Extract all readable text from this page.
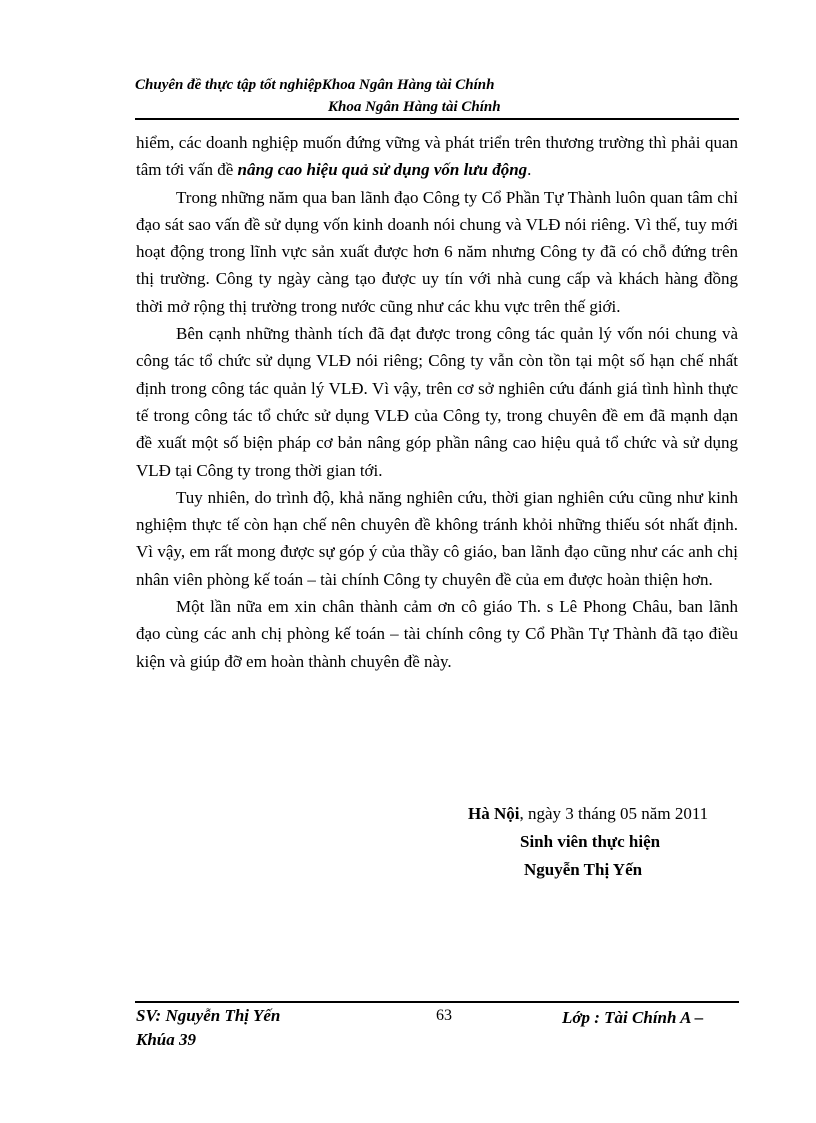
Chuyên đề thực tập tốt nghiệpKhoa Ngân Hàng tài Chính
Khoa Ngân Hàng tài Chính

hiểm, các doanh nghiệp muốn đứng vững và phát triển trên thương trường thì phải quan tâm tới vấn đề nâng cao hiệu quả sử dụng vốn lưu động.

Trong những năm qua ban lãnh đạo Công ty Cổ Phần Tự Thành luôn quan tâm chỉ đạo sát sao vấn đề sử dụng vốn kinh doanh nói chung và VLĐ nói riêng. Vì thế, tuy mới hoạt động trong lĩnh vực sản xuất được hơn 6 năm nhưng Công ty đã có chỗ đứng trên thị trường. Công ty ngày càng tạo được uy tín với nhà cung cấp và khách hàng đồng thời mở rộng thị trường trong nước cũng như các khu vực trên thế giới.

Bên cạnh những thành tích đã đạt được trong công tác quản lý vốn nói chung và công tác tổ chức sử dụng VLĐ nói riêng; Công ty vẫn còn tồn tại một số hạn chế nhất định trong công tác quản lý VLĐ. Vì vậy, trên cơ sở nghiên cứu đánh giá tình hình thực tế trong công tác tổ chức sử dụng VLĐ của Công ty, trong chuyên đề em đã mạnh dạn đề xuất một số biện pháp cơ bản nâng góp phần nâng cao hiệu quả tổ chức và sử dụng VLĐ tại Công ty trong thời gian tới.

Tuy nhiên, do trình độ, khả năng nghiên cứu, thời gian nghiên cứu cũng như kinh nghiệm thực tế còn hạn chế nên chuyên đề không tránh khỏi những thiếu sót nhất định. Vì vậy, em rất mong được sự góp ý của thầy cô giáo, ban lãnh đạo cũng như các anh chị nhân viên phòng kế toán – tài chính Công ty chuyên đề của em được hoàn thiện hơn.

Một lần nữa em xin chân thành cảm ơn cô giáo Th. s Lê Phong Châu, ban lãnh đạo cùng các anh chị phòng kế toán – tài chính công ty Cổ Phần Tự Thành đã tạo điều kiện và giúp đỡ em hoàn thành chuyên đề này.

Hà Nội, ngày 3 tháng 05 năm 2011
Sinh viên thực hiện
Nguyễn Thị Yến
SV: Nguyễn Thị Yến
Khúa 39
63	Lớp : Tài Chính A –
